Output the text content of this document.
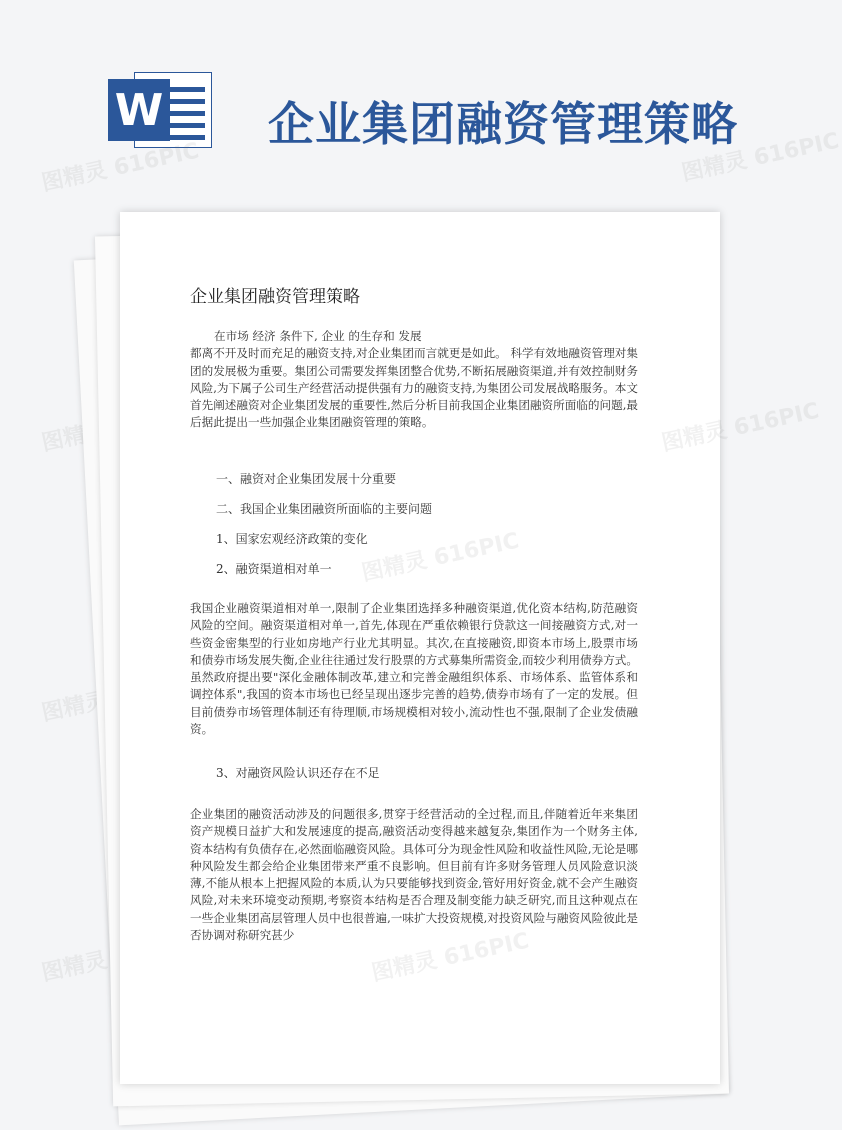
W 企业集团融资管理策略
图精灵 616PIC	图精灵 616PIC
图精灵
图精灵
图精灵
企业集团融资管理策略

在市场 经济 条件下, 企业 的生存和 发展
都离不开及时而充足的融资支持,对企业集团而言就更是如此。 科学有效地融资管理对集团的发展极为重要。集团公司需要发挥集团整合优势,不断拓展融资渠道,并有效控制财务风险,为下属子公司生产经营活动提供强有力的融资支持,为集团公司发展战略服务。本文首先阐述融资对企业集团发展的重要性,然后分析目前我国企业集团融资所面临的问题,最后据此提出一些加强企业集团融资管理的策略。

一、融资对企业集团发展十分重要
二、我国企业集团融资所面临的主要问题
1、国家宏观经济政策的变化
2、融资渠道相对单一

我国企业融资渠道相对单一,限制了企业集团选择多种融资渠道,优化资本结构,防范融资风险的空间。融资渠道相对单一,首先,体现在严重依赖银行贷款这一间接融资方式,对一些资金密集型的行业如房地产行业尤其明显。其次,在直接融资,即资本市场上,股票市场和债券市场发展失衡,企业往往通过发行股票的方式募集所需资金,而较少利用债券方式。虽然政府提出要"深化金融体制改革,建立和完善金融组织体系、市场体系、监管体系和调控体系",我国的资本市场也已经呈现出逐步完善的趋势,债券市场有了一定的发展。但目前债券市场管理体制还有待理顺,市场规模相对较小,流动性也不强,限制了企业发债融资。

3、对融资风险认识还存在不足

企业集团的融资活动涉及的问题很多,贯穿于经营活动的全过程,而且,伴随着近年来集团资产规模日益扩大和发展速度的提高,融资活动变得越来越复杂,集团作为一个财务主体,资本结构有负债存在,必然面临融资风险。具体可分为现金性风险和收益性风险,无论是哪种风险发生都会给企业集团带来严重不良影响。但目前有许多财务管理人员风险意识淡薄,不能从根本上把握风险的本质,认为只要能够找到资金,管好用好资金,就不会产生融资风险,对未来环境变动预期,考察资本结构是否合理及制变能力缺乏研究,而且这种观点在一些企业集团高层管理人员中也很普遍,一味扩大投资规模,对投资风险与融资风险彼此是否协调对称研究甚少

图精灵 616PIC
